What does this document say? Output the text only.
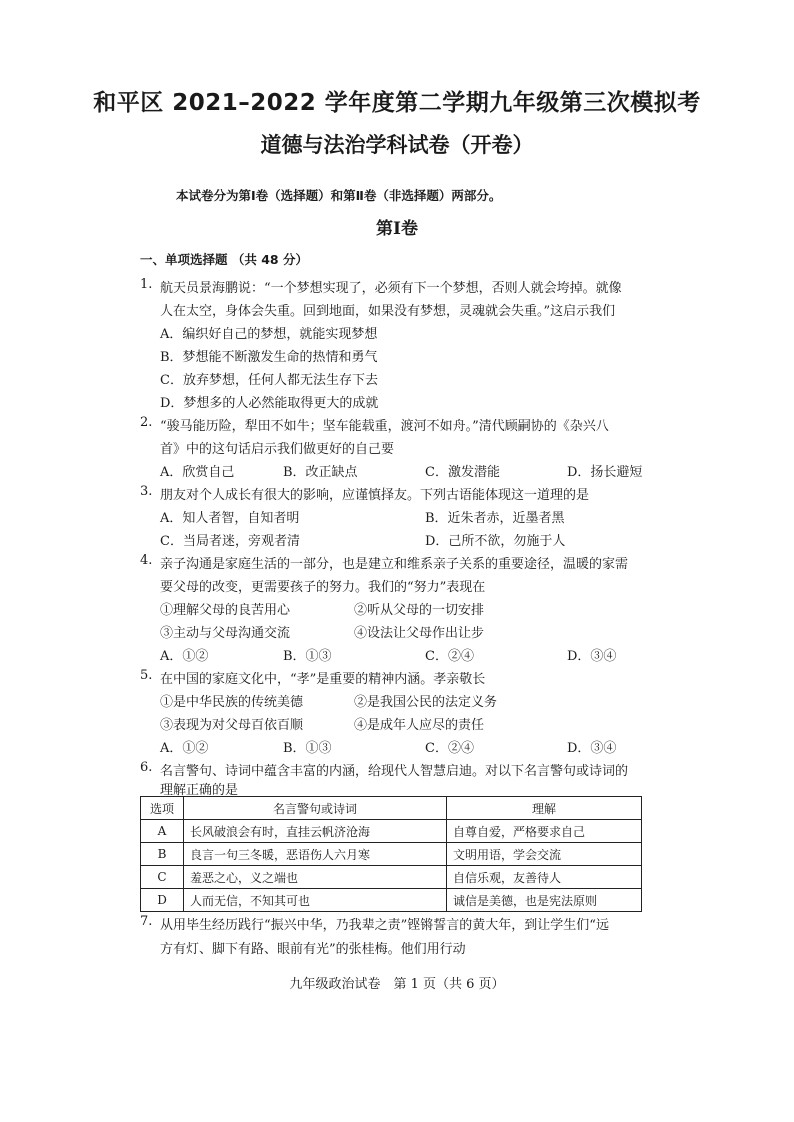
和平区 2021–2022 学年度第二学期九年级第三次模拟考
道德与法治学科试卷（开卷）
本试卷分为第Ⅰ卷（选择题）和第Ⅱ卷（非选择题）两部分。
第Ⅰ卷
一、单项选择题 （共 48 分）
1. 航天员景海鹏说：“一个梦想实现了，必须有下一个梦想，否则人就会垮掉。就像
人在太空，身体会失重。回到地面，如果没有梦想，灵魂就会失重。”这启示我们
A．编织好自己的梦想，就能实现梦想
B．梦想能不断激发生命的热情和勇气
C．放弃梦想，任何人都无法生存下去
D．梦想多的人必然能取得更大的成就
2. “骏马能历险，犁田不如牛；坚车能载重，渡河不如舟。”清代顾嗣协的《杂兴八
首》中的这句话启示我们做更好的自己要
A．欣赏自己	B．改正缺点	C．激发潜能	D．扬长避短
3. 朋友对个人成长有很大的影响，应谨慎择友。下列古语能体现这一道理的是
A．知人者智，自知者明	B．近朱者赤，近墨者黑
C．当局者迷，旁观者清	D．己所不欲，勿施于人
4. 亲子沟通是家庭生活的一部分，也是建立和维系亲子关系的重要途径，温暖的家需
要父母的改变，更需要孩子的努力。我们的“努力”表现在
①理解父母的良苦用心	②听从父母的一切安排
③主动与父母沟通交流	④设法让父母作出让步
A．①②	B．①③	C．②④	D．③④
5. 在中国的家庭文化中，“孝”是重要的精神内涵。孝亲敬长
①是中华民族的传统美德	②是我国公民的法定义务
③表现为对父母百依百顺	④是成年人应尽的责任
A．①②	B．①③	C．②④	D．③④
6. 名言警句、诗词中蕴含丰富的内涵，给现代人智慧启迪。对以下名言警句或诗词的
理解正确的是
选项	名言警句或诗词	理解
A	长风破浪会有时，直挂云帆济沧海	自尊自爱，严格要求自己
B	良言一句三冬暖，恶语伤人六月寒	文明用语，学会交流
C	羞恶之心，义之端也	自信乐观，友善待人
D	人而无信，不知其可也	诚信是美德，也是宪法原则
7. 从用毕生经历践行“振兴中华，乃我辈之责”铿锵誓言的黄大年，到让学生们“远
方有灯、脚下有路、眼前有光”的张桂梅。他们用行动
九年级政治试卷　第 1 页（共 6 页）
